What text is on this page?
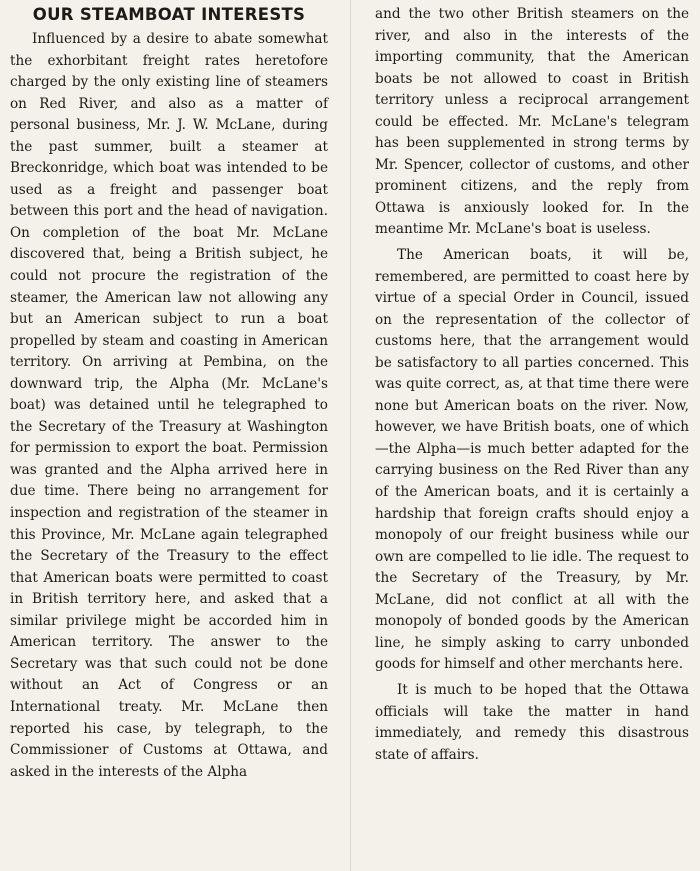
OUR STEAMBOAT INTERESTS

Influenced by a desire to abate somewhat the exhorbitant freight rates heretofore charged by the only existing line of steamers on Red River, and also as a matter of personal business, Mr. J. W. McLane, during the past summer, built a steamer at Breckonridge, which boat was intended to be used as a freight and passenger boat between this port and the head of navigation. On completion of the boat Mr. McLane discovered that, being a British subject, he could not procure the registration of the steamer, the American law not allowing any but an American subject to run a boat propelled by steam and coasting in American territory. On arriving at Pembina, on the downward trip, the Alpha (Mr. McLane's boat) was detained until he telegraphed to the Secretary of the Treasury at Washington for permission to export the boat. Permission was granted and the Alpha arrived here in due time. There being no arrangement for inspection and registration of the steamer in this Province, Mr. McLane again telegraphed the Secretary of the Treasury to the effect that American boats were permitted to coast in British territory here, and asked that a similar privilege might be accorded him in American territory. The answer to the Secretary was that such could not be done without an Act of Congress or an International treaty. Mr. McLane then reported his case, by telegraph, to the Commissioner of Customs at Ottawa, and asked in the interests of the Alpha

and the two other British steamers on the river, and also in the interests of the importing community, that the American boats be not allowed to coast in British territory unless a reciprocal arrangement could be effected. Mr. McLane's telegram has been supplemented in strong terms by Mr. Spencer, collector of customs, and other prominent citizens, and the reply from Ottawa is anxiously looked for. In the meantime Mr. McLane's boat is useless.

The American boats, it will be, remembered, are permitted to coast here by virtue of a special Order in Council, issued on the representation of the collector of customs here, that the arrangement would be satisfactory to all parties concerned. This was quite correct, as, at that time there were none but American boats on the river. Now, however, we have British boats, one of which—the Alpha—is much better adapted for the carrying business on the Red River than any of the American boats, and it is certainly a hardship that foreign crafts should enjoy a monopoly of our freight business while our own are compelled to lie idle. The request to the Secretary of the Treasury, by Mr. McLane, did not conflict at all with the monopoly of bonded goods by the American line, he simply asking to carry unbonded goods for himself and other merchants here.

It is much to be hoped that the Ottawa officials will take the matter in hand immediately, and remedy this disastrous state of affairs.
